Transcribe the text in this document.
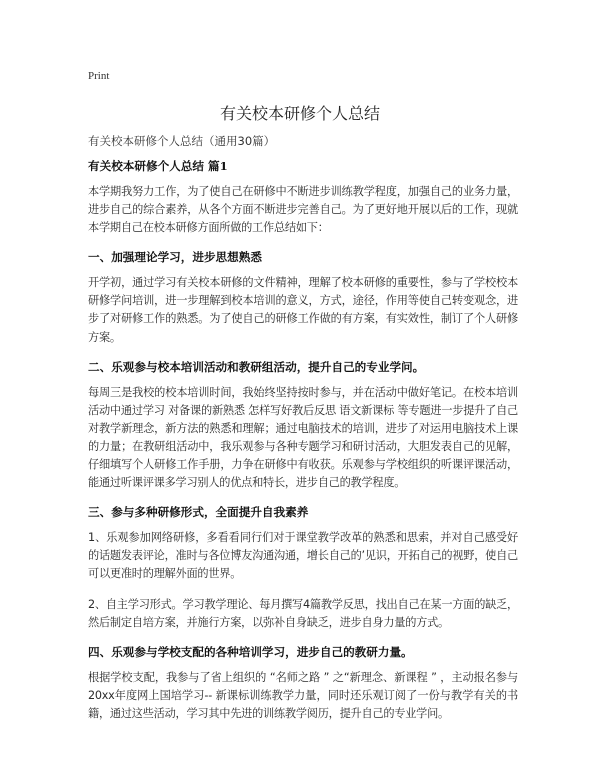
Print
有关校本研修个人总结
有关校本研修个人总结（通用30篇）
有关校本研修个人总结 篇1
本学期我努力工作，为了使自己在研修中不断进步训练教学程度，加强自己的业务力量，进步自己的综合素养，从各个方面不断进步完善自己。为了更好地开展以后的工作，现就本学期自己在校本研修方面所做的工作总结如下：
一、加强理论学习，进步思想熟悉
开学初，通过学习有关校本研修的文件精神，理解了校本研修的重要性，参与了学校校本研修学问培训，进一步理解到校本培训的意义，方式，途径，作用等使自己转变观念，进步了对研修工作的熟悉。为了使自己的研修工作做的有方案，有实效性，制订了个人研修方案。
二、乐观参与校本培训活动和教研组活动，提升自己的专业学问。
每周三是我校的校本培训时间，我始终坚持按时参与，并在活动中做好笔记。在校本培训活动中通过学习 对备课的新熟悉 怎样写好教后反思 语文新课标 等专题进一步提升了自己对教学新理念，新方法的熟悉和理解；通过电脑技术的培训，进步了对运用电脑技术上课的力量；在教研组活动中，我乐观参与各种专题学习和研讨活动，大胆发表自己的见解，仔细填写个人研修工作手册，力争在研修中有收获。乐观参与学校组织的听课评课活动，能通过听课评课多学习别人的优点和特长，进步自己的教学程度。
三、参与多种研修形式，全面提升自我素养
1、乐观参加网络研修，多看看同行们对于课堂教学改革的熟悉和思索，并对自己感受好的话题发表评论，准时与各位博友沟通沟通，增长自己的’见识，开拓自己的视野，使自己可以更准时的理解外面的世界。
2、自主学习形式。学习教学理论、每月撰写4篇教学反思，找出自己在某一方面的缺乏，然后制定自培方案，并施行方案，以弥补自身缺乏，进步自身力量的方式。
四、乐观参与学校支配的各种培训学习，进步自己的教研力量。
根据学校支配，我参与了省上组织的 “名师之路 ” 之“新理念、新课程 ” ，主动报名参与20xx年度网上国培学习-- 新课标训练教学力量，同时还乐观订阅了一份与教学有关的书籍，通过这些活动，学习其中先进的训练教学阅历，提升自己的专业学问。
